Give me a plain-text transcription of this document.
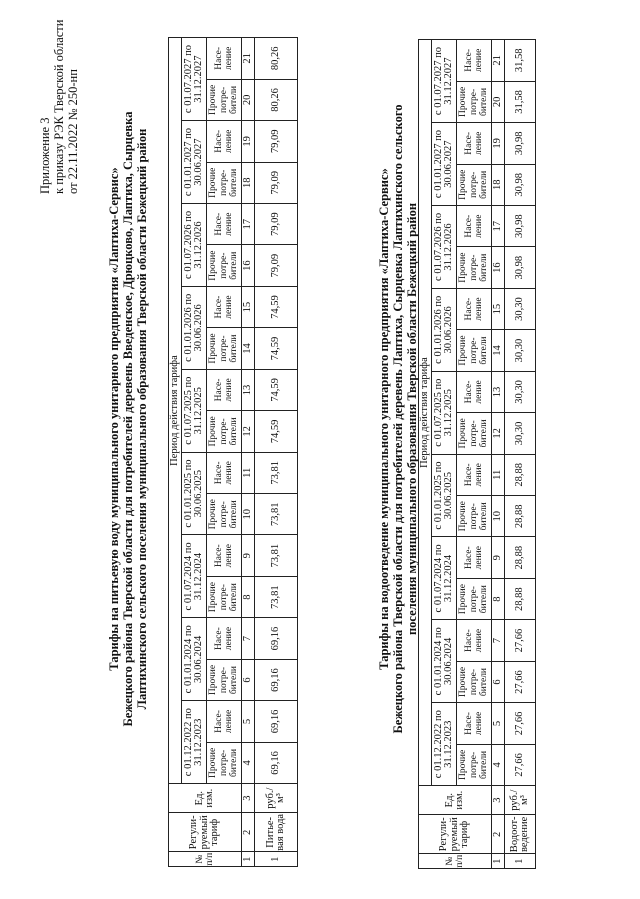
Приложение 3 к приказу РЭК Тверской области от 22.11.2022 № 250-нп
Тарифы на питьевую воду муниципального унитарного предприятия «Лаптиха-Сервис» Бежецкого района Тверской области для потребителей деревень Введенское, Дрюцково, Лаптиха, Сырцевка Лаптихинского сельского поселения муниципального образования Тверской области Бежецкий район
№ п/п	Регули-руемый тариф	Ед. изм.	Период действия тарифа																	
			с 01.12.2022 по 31.12.2023		с 01.01.2024 по 30.06.2024		с 01.07.2024 по 31.12.2024		с 01.01.2025 по 30.06.2025		с 01.07.2025 по 31.12.2025		с 01.01.2026 по 30.06.2026		с 01.07.2026 по 31.12.2026		с 01.01.2027 по 30.06.2027		с 01.07.2027 по 31.12.2027	
			Прочие потре-бители	Насе-ление	Прочие потре-бители	Насе-ление	Прочие потре-бители	Насе-ление	Прочие потре-бители	Насе-ление	Прочие потре-бители	Насе-ление	Прочие потре-бители	Насе-ление	Прочие потре-бители	Насе-ление	Прочие потре-бители	Насе-ление	Прочие потре-бители	Насе-ление
1	2	3	4	5	6	7	8	9	10	11	12	13	14	15	16	17	18	19	20	21
1	Питье-вая вода	руб./м³	69,16	69,16	69,16	69,16	73,81	73,81	73,81	73,81	74,59	74,59	74,59	74,59	79,09	79,09	79,09	79,09	80,26	80,26
Тарифы на водоотведение муниципального унитарного предприятия «Лаптиха-Сервис» Бежецкого района Тверской области для потребителей деревень Лаптиха, Сырцевка Лаптихинского сельского поселения муниципального образования Тверской области Бежецкий район
№ п/п	Регули-руемый тариф	Ед. изм.	Период действия тарифа																	
			с 01.12.2022 по 31.12.2023		с 01.01.2024 по 30.06.2024		с 01.07.2024 по 31.12.2024		с 01.01.2025 по 30.06.2025		с 01.07.2025 по 31.12.2025		с 01.01.2026 по 30.06.2026		с 01.07.2026 по 31.12.2026		с 01.01.2027 по 30.06.2027		с 01.07.2027 по 31.12.2027	
			Прочие потре-бители	Насе-ление	Прочие потре-бители	Насе-ление	Прочие потре-бители	Насе-ление	Прочие потре-бители	Насе-ление	Прочие потре-бители	Насе-ление	Прочие потре-бители	Насе-ление	Прочие потре-бители	Насе-ление	Прочие потре-бители	Насе-ление	Прочие потре-бители	Насе-ление
1	2	3	4	5	6	7	8	9	10	11	12	13	14	15	16	17	18	19	20	21
1	Водоот-ведение	руб./м³	27,66	27,66	27,66	27,66	28,88	28,88	28,88	28,88	30,30	30,30	30,30	30,30	30,98	30,98	30,98	30,98	31,58	31,58
